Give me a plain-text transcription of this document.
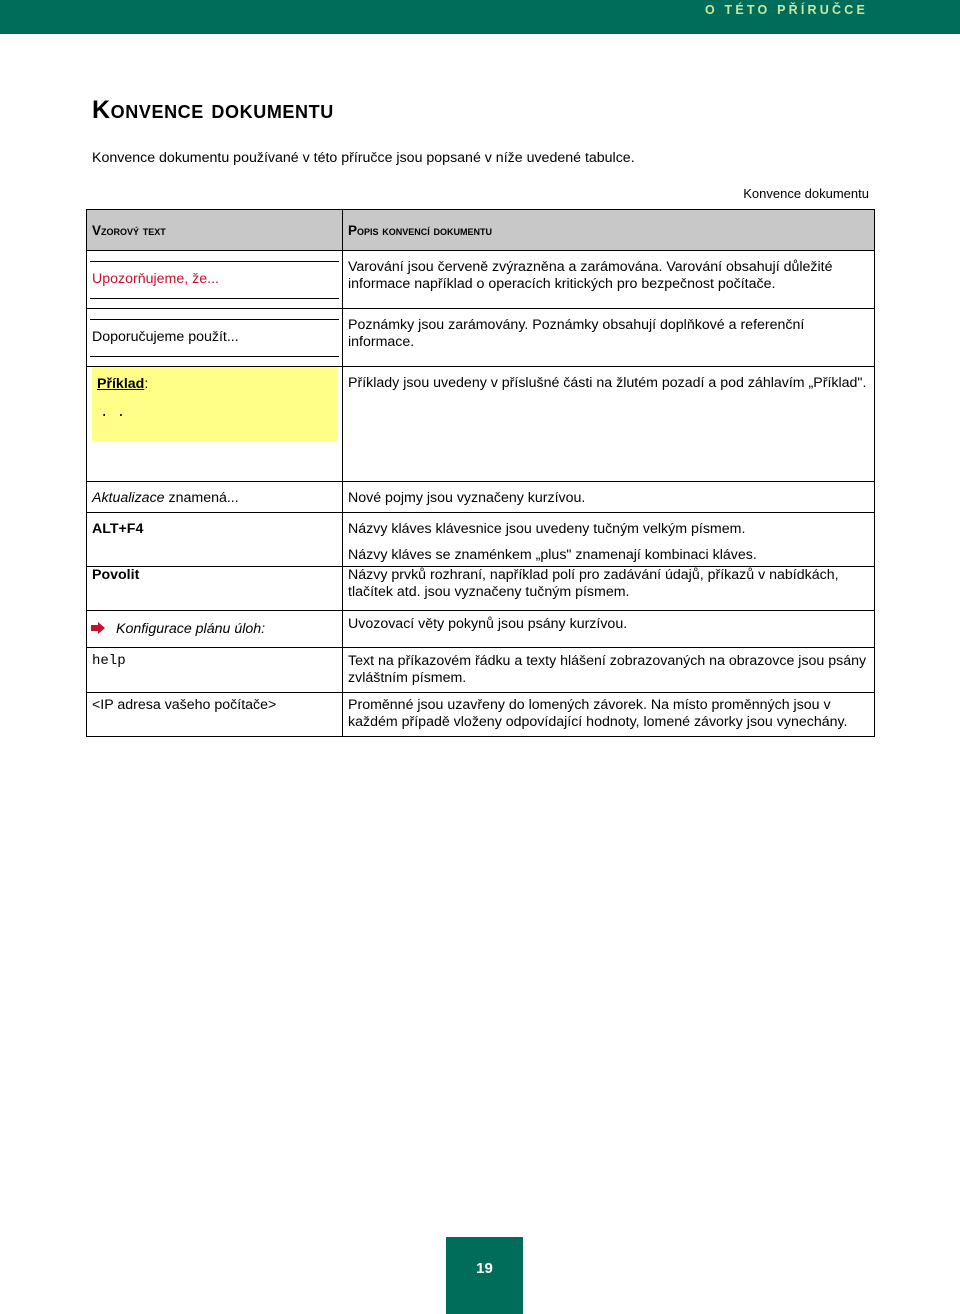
O TÉTO PŘÍRUČCE
Konvence dokumentu

Konvence dokumentu používané v této příručce jsou popsané v níže uvedené tabulce.

Konvence dokumentu
Vzorový text	Popis konvencí dokumentu

Upozorňujeme, že...	Varování jsou červeně zvýrazněna a zarámována. Varování obsahují důležité informace například o operacích kritických pro bezpečnost počítače.

Doporučujeme použít...	Poznámky jsou zarámovány. Poznámky obsahují doplňkové a referenční informace.

Příklad:
. .	Příklady jsou uvedeny v příslušné části na žlutém pozadí a pod záhlavím „Příklad".

Aktualizace znamená...	Nové pojmy jsou vyznačeny kurzívou.

ALT+F4	Názvy kláves klávesnice jsou uvedeny tučným velkým písmem.
Názvy kláves se znaménkem „plus" znamenají kombinaci kláves.

Povolit	Názvy prvků rozhraní, například polí pro zadávání údajů, příkazů v nabídkách, tlačítek atd. jsou vyznačeny tučným písmem.

Konfigurace plánu úloh:	Uvozovací věty pokynů jsou psány kurzívou.

help	Text na příkazovém řádku a texty hlášení zobrazovaných na obrazovce jsou psány zvláštním písmem.

<IP adresa vašeho počítače>	Proměnné jsou uzavřeny do lomených závorek. Na místo proměnných jsou v každém případě vloženy odpovídající hodnoty, lomené závorky jsou vynechány.
19
